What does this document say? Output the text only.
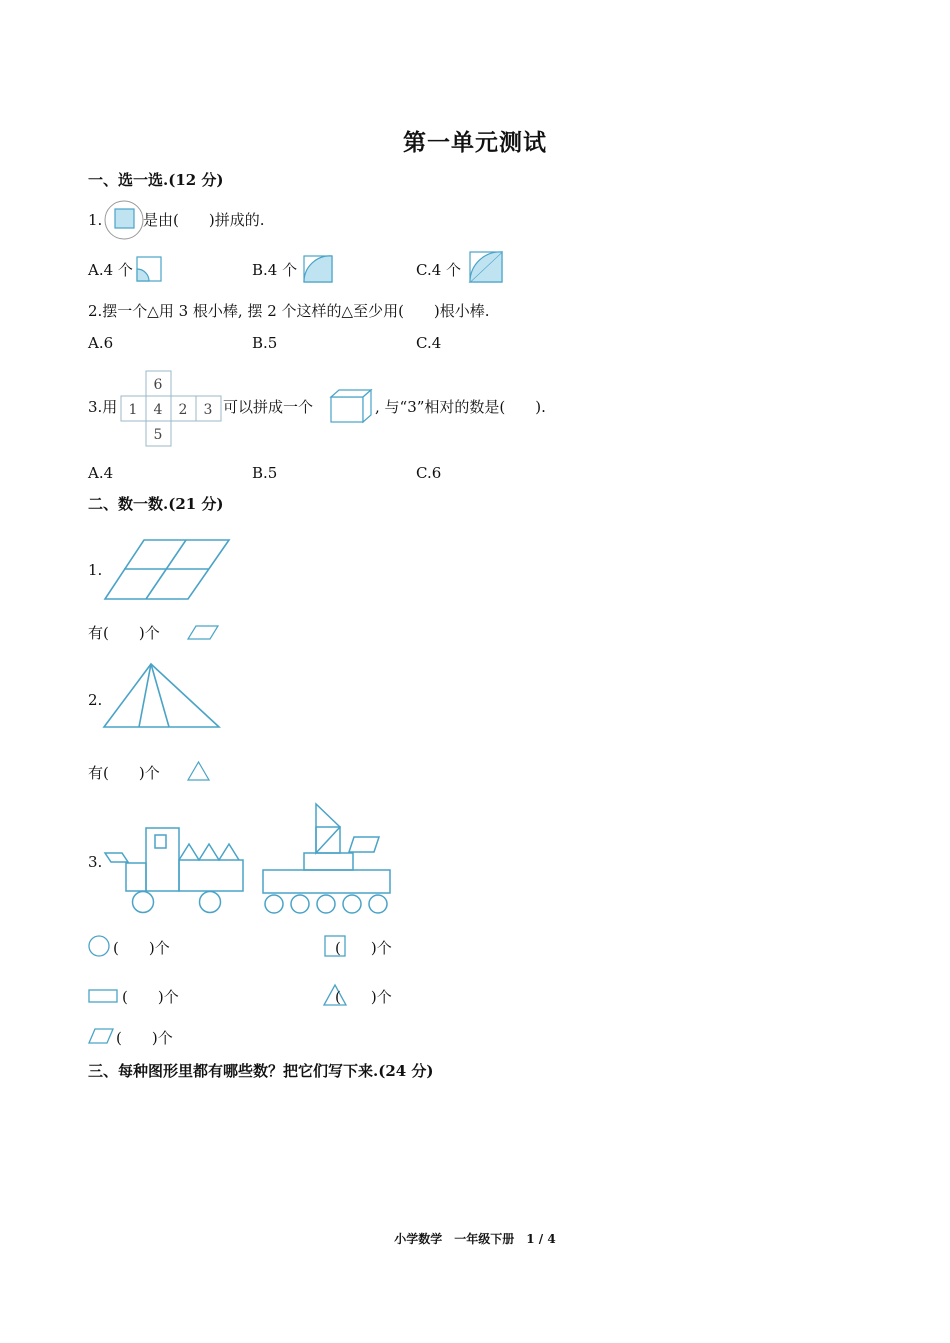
第一单元测试
一、选一选.(12 分)
1.	是由(　　)拼成的.
A.4 个	B.4 个	C.4 个
2.摆一个△用 3 根小棒, 摆 2 个这样的△至少用(　　)根小棒.
A.6	B.5	C.4
3.用
6
1 4 2 3
5
可以拼成一个	, 与“3”相对的数是(　　).
A.4	B.5	C.6
二、数一数.(21 分)
1.
有(　　)个
2.
有(　　)个
3.
(　　)个	(　　)个
(　　)个	(　　)个
(　　)个
三、每种图形里都有哪些数？把它们写下来.(24 分)
小学数学　一年级下册　1 / 4
